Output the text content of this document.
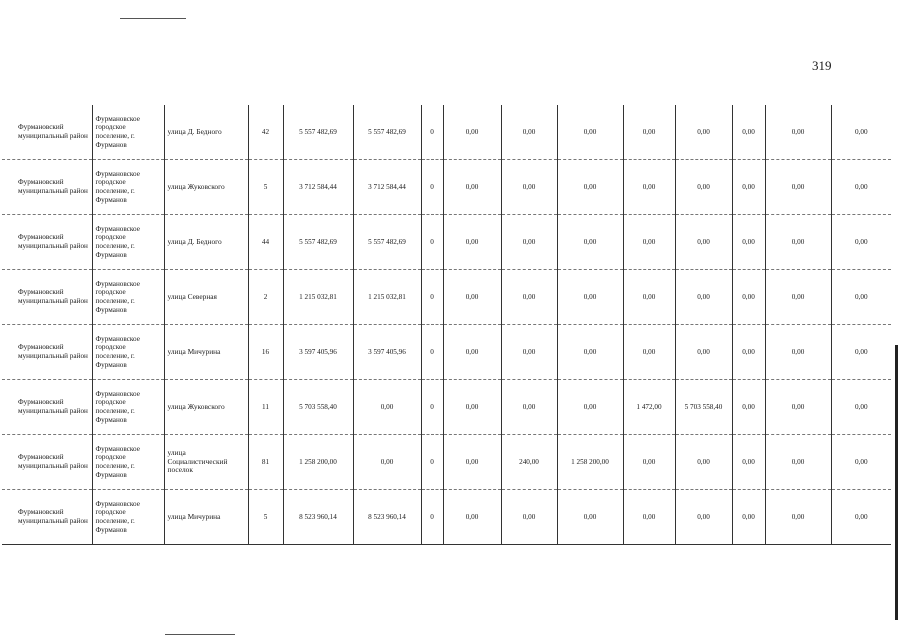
319
Фурмановский муниципальный район	Фурмановское городское поселение, г. Фурманов	улица Д. Бедного	42	5 557 482,69	5 557 482,69	0	0,00	0,00	0,00	0,00	0,00	0,00	0,00	0,00
Фурмановский муниципальный район	Фурмановское городское поселение, г. Фурманов	улица Жуковского	5	3 712 584,44	3 712 584,44	0	0,00	0,00	0,00	0,00	0,00	0,00	0,00	0,00
Фурмановский муниципальный район	Фурмановское городское поселение, г. Фурманов	улица Д. Бедного	44	5 557 482,69	5 557 482,69	0	0,00	0,00	0,00	0,00	0,00	0,00	0,00	0,00
Фурмановский муниципальный район	Фурмановское городское поселение, г. Фурманов	улица Северная	2	1 215 032,81	1 215 032,81	0	0,00	0,00	0,00	0,00	0,00	0,00	0,00	0,00
Фурмановский муниципальный район	Фурмановское городское поселение, г. Фурманов	улица Мичурина	16	3 597 405,96	3 597 405,96	0	0,00	0,00	0,00	0,00	0,00	0,00	0,00	0,00
Фурмановский муниципальный район	Фурмановское городское поселение, г. Фурманов	улица Жуковского	11	5 703 558,40	0,00	0	0,00	0,00	0,00	1 472,00	5 703 558,40	0,00	0,00	0,00
Фурмановский муниципальный район	Фурмановское городское поселение, г. Фурманов	улица Социалистический поселок	81	1 258 200,00	0,00	0	0,00	240,00	1 258 200,00	0,00	0,00	0,00	0,00	0,00
Фурмановский муниципальный район	Фурмановское городское поселение, г. Фурманов	улица Мичурина	5	8 523 960,14	8 523 960,14	0	0,00	0,00	0,00	0,00	0,00	0,00	0,00	0,00
